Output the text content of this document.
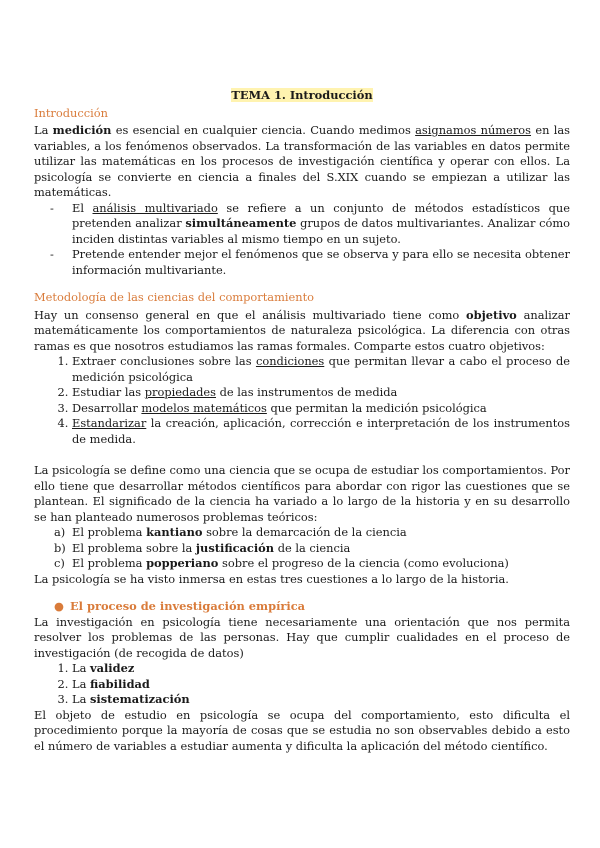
TEMA 1. Introducción

Introducción

La medición es esencial en cualquier ciencia. Cuando medimos asignamos números en las variables, a los fenómenos observados. La transformación de las variables en datos permite utilizar las matemáticas en los procesos de investigación científica y operar con ellos. La psicología se convierte en ciencia a finales del S.XIX cuando se empiezan a utilizar las matemáticas.

- El análisis multivariado se refiere a un conjunto de métodos estadísticos que pretenden analizar simultáneamente grupos de datos multivariantes. Analizar cómo inciden distintas variables al mismo tiempo en un sujeto.
- Pretende entender mejor el fenómenos que se observa y para ello se necesita obtener información multivariante.
Metodología de las ciencias del comportamiento

Hay un consenso general en que el análisis multivariado tiene como objetivo analizar matemáticamente los comportamientos de naturaleza psicológica. La diferencia con otras ramas es que nosotros estudiamos las ramas formales. Comparte estos cuatro objetivos:

1. Extraer conclusiones sobre las condiciones que permitan llevar a cabo el proceso de medición psicológica
2. Estudiar las propiedades de las instrumentos de medida
3. Desarrollar modelos matemáticos que permitan la medición psicológica
4. Estandarizar la creación, aplicación, corrección e interpretación de los instrumentos de medida.

La psicología se define como una ciencia que se ocupa de estudiar los comportamientos. Por ello tiene que desarrollar métodos científicos para abordar con rigor las cuestiones que se plantean. El significado de la ciencia ha variado a lo largo de la historia y en su desarrollo se han planteado numerosos problemas teóricos:

a) El problema kantiano sobre la demarcación de la ciencia
b) El problema sobre la justificación de la ciencia
c) El problema popperiano sobre el progreso de la ciencia (como evoluciona)

La psicología se ha visto inmersa en estas tres cuestiones a lo largo de la historia.

● El proceso de investigación empírica

La investigación en psicología tiene necesariamente una orientación que nos permita resolver los problemas de las personas. Hay que cumplir cualidades en el proceso de investigación (de recogida de datos)

1. La validez
2. La fiabilidad
3. La sistematización

El objeto de estudio en psicología se ocupa del comportamiento, esto dificulta el procedimiento porque la mayoría de cosas que se estudia no son observables debido a esto el número de variables a estudiar aumenta y dificulta la aplicación del método científico.
